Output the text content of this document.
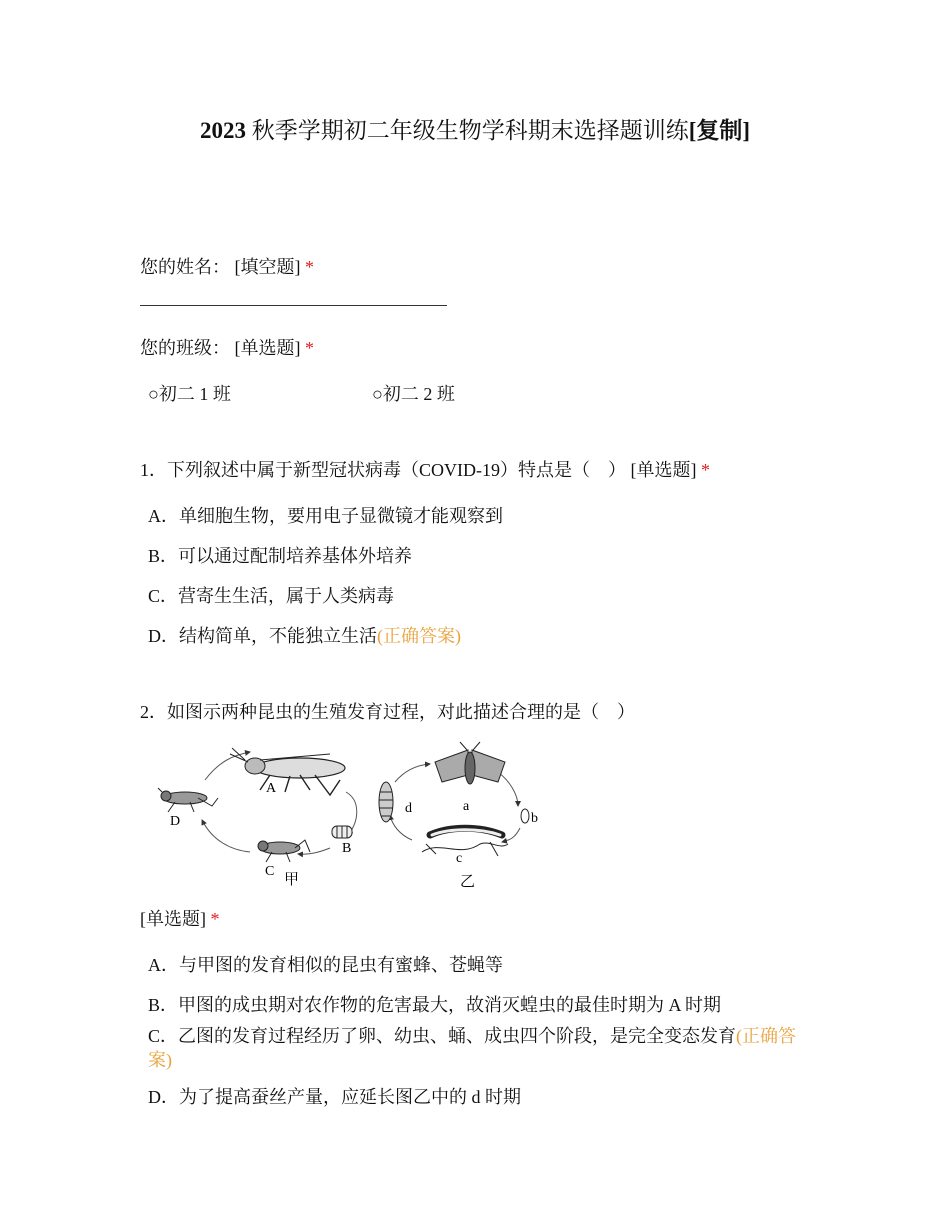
2023 秋季学期初二年级生物学科期末选择题训练[复制]
您的姓名： [填空题] *
您的班级： [单选题] *
○初二 1 班	○初二 2 班
1．下列叙述中属于新型冠状病毒（COVID-19）特点是（　） [单选题] *
A．单细胞生物，要用电子显微镜才能观察到
B．可以通过配制培养基体外培养
C．营寄生生活，属于人类病毒
D．结构简单，不能独立生活(正确答案)
2．如图示两种昆虫的生殖发育过程，对此描述合理的是（　）
A
B
C
D
甲
d	a
b
c
乙
[单选题] *
A．与甲图的发育相似的昆虫有蜜蜂、苍蝇等
B．甲图的成虫期对农作物的危害最大，故消灭蝗虫的最佳时期为 A 时期
C．乙图的发育过程经历了卵、幼虫、蛹、成虫四个阶段，是完全变态发育(正确答案)
D．为了提高蚕丝产量，应延长图乙中的 d 时期
